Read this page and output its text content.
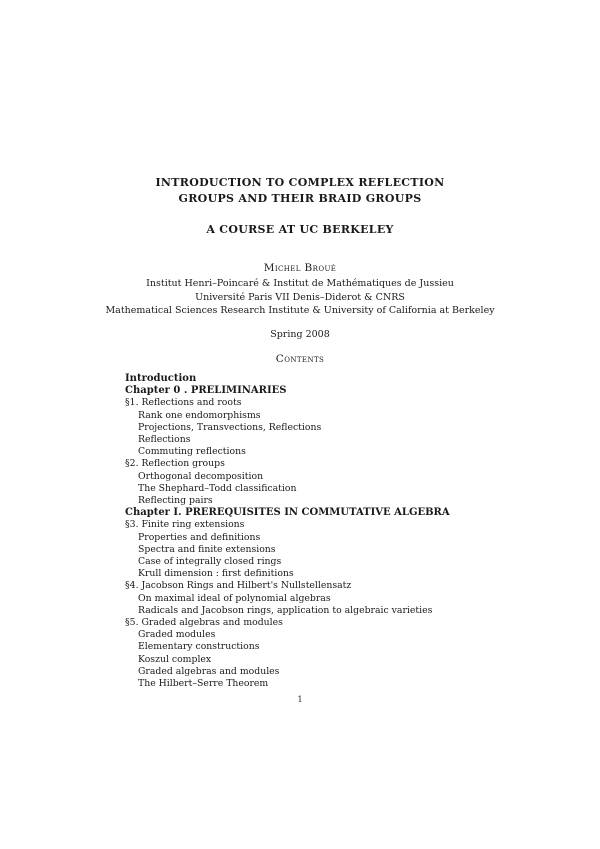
INTRODUCTION TO COMPLEX REFLECTION
GROUPS AND THEIR BRAID GROUPS
A COURSE AT UC BERKELEY
Michel Broué
Institut Henri–Poincaré & Institut de Mathématiques de Jussieu
Université Paris VII Denis–Diderot & CNRS
Mathematical Sciences Research Institute & University of California at Berkeley
Spring 2008
Contents
Introduction
Chapter 0 . PRELIMINARIES
§1. Reflections and roots
Rank one endomorphisms
Projections, Transvections, Reflections
Reflections
Commuting reflections
§2. Reflection groups
Orthogonal decomposition
The Shephard–Todd classification
Reflecting pairs
Chapter I. PREREQUISITES IN COMMUTATIVE ALGEBRA
§3. Finite ring extensions
Properties and definitions
Spectra and finite extensions
Case of integrally closed rings
Krull dimension : first definitions
§4. Jacobson Rings and Hilbert's Nullstellensatz
On maximal ideal of polynomial algebras
Radicals and Jacobson rings, application to algebraic varieties
§5. Graded algebras and modules
Graded modules
Elementary constructions
Koszul complex
Graded algebras and modules
The Hilbert–Serre Theorem
1
